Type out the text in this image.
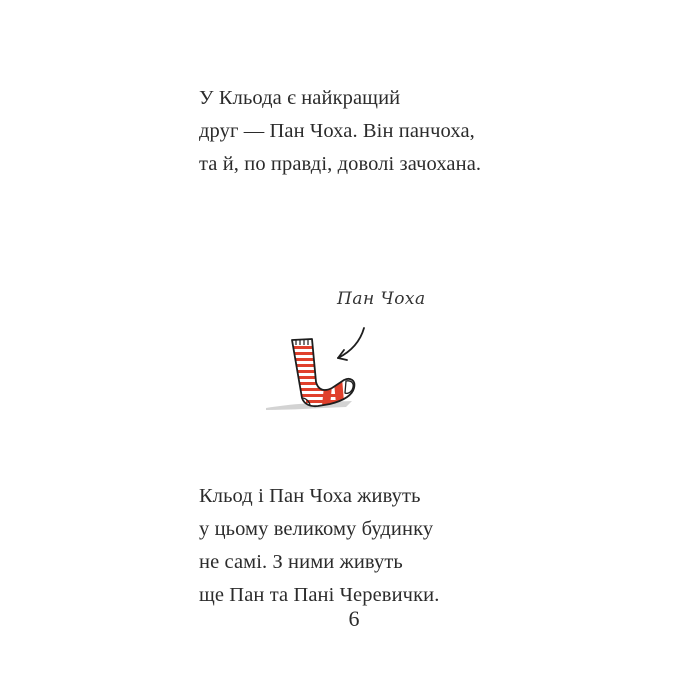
У Кльода є найкращий
друг — Пан Чоха. Він панчоха,
та й, по правді, доволі зачохана.
Пан Чоха
Кльод і Пан Чоха живуть
у цьому великому будинку
не самі. З ними живуть
ще Пан та Пані Черевички.
6
